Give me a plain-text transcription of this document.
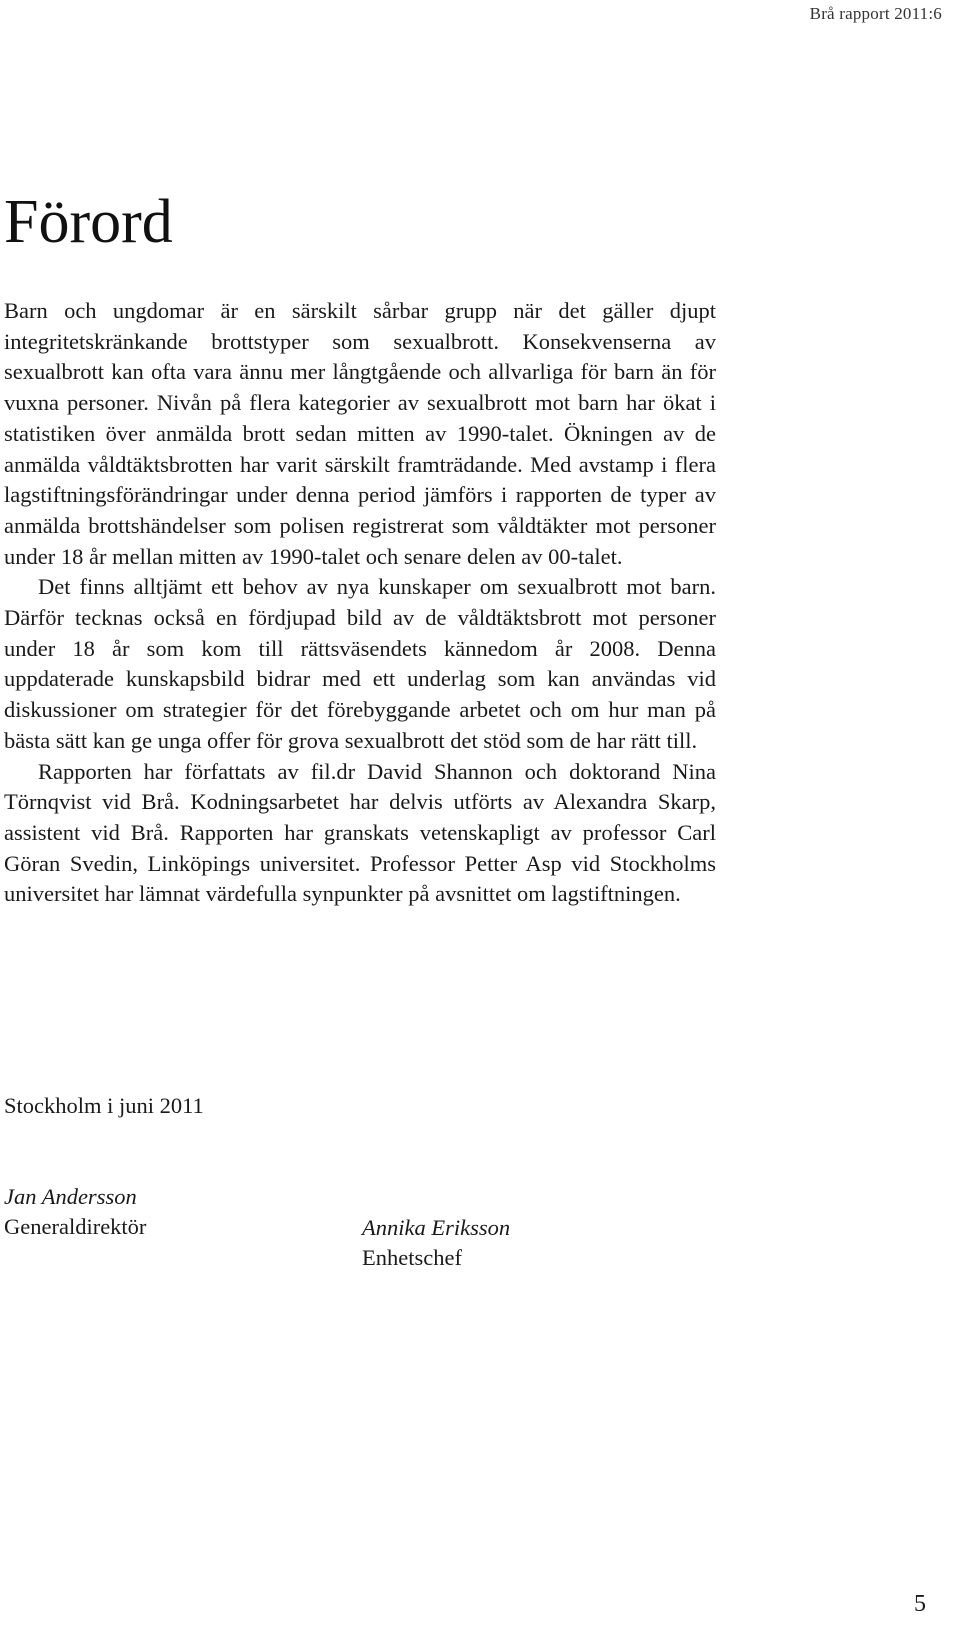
Brå rapport 2011:6
Förord

Barn och ungdomar är en särskilt sårbar grupp när det gäller djupt integritetskränkande brottstyper som sexualbrott. Konsekvenserna av sexualbrott kan ofta vara ännu mer långtgående och allvarliga för barn än för vuxna personer. Nivån på flera kategorier av sexualbrott mot barn har ökat i statistiken över anmälda brott sedan mitten av 1990-talet. Ökningen av de anmälda våldtäktsbrotten har varit särskilt framträdande. Med avstamp i flera lagstiftningsförändringar under denna period jämförs i rapporten de typer av anmälda brottshändelser som polisen registrerat som våldtäkter mot personer under 18 år mellan mitten av 1990-talet och senare delen av 00-talet.

Det finns alltjämt ett behov av nya kunskaper om sexualbrott mot barn. Därför tecknas också en fördjupad bild av de våldtäktsbrott mot personer under 18 år som kom till rättsväsendets kännedom år 2008. Denna uppdaterade kunskapsbild bidrar med ett underlag som kan användas vid diskussioner om strategier för det förebyggande arbetet och om hur man på bästa sätt kan ge unga offer för grova sexualbrott det stöd som de har rätt till.

Rapporten har författats av fil.dr David Shannon och doktorand Nina Törnqvist vid Brå. Kodningsarbetet har delvis utförts av Alexandra Skarp, assistent vid Brå. Rapporten har granskats vetenskapligt av professor Carl Göran Svedin, Linköpings universitet. Professor Petter Asp vid Stockholms universitet har lämnat värdefulla synpunkter på avsnittet om lagstiftningen.

Stockholm i juni 2011
Jan Andersson
Generaldirektör	Annika Eriksson
Enhetschef
5
